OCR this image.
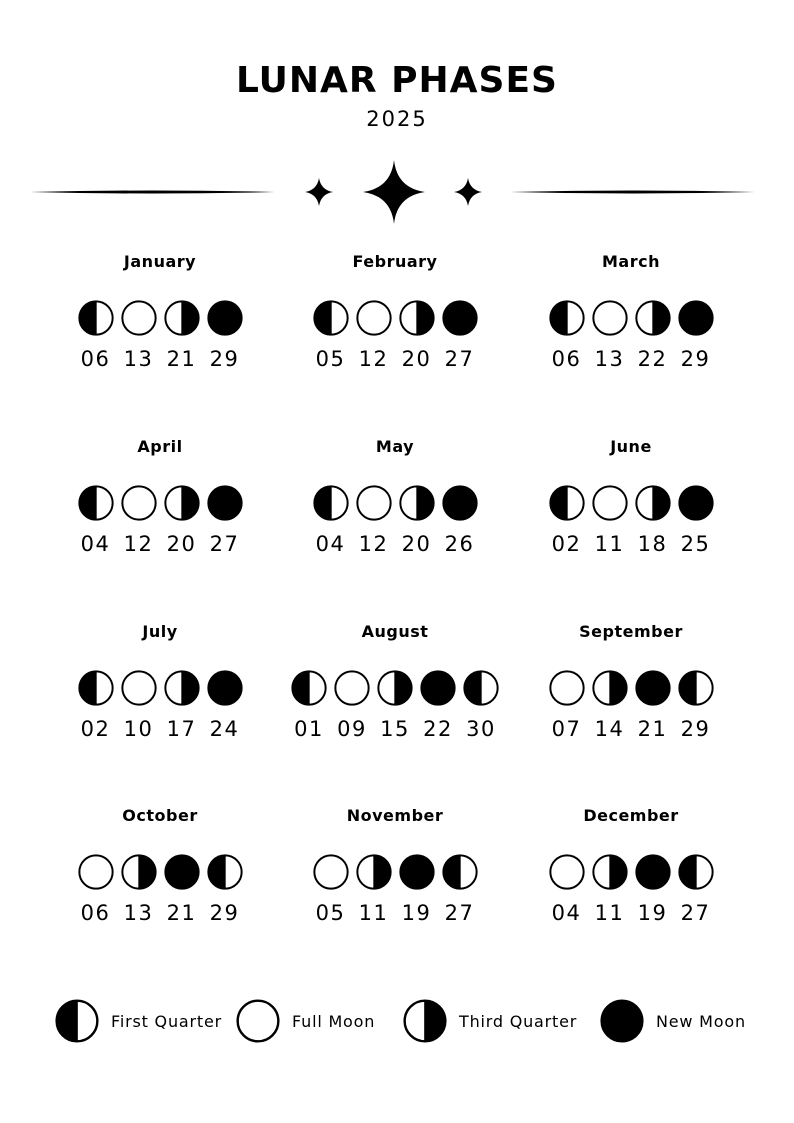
LUNAR PHASES
2025
January
06 13 21 29
February
05 12 20 27
March
06 13 22 29
April
04 12 20 27
May
04 12 20 26
June
02 11 18 25
July
02 10 17 24
August
01 09 15 22 30
September
07 14 21 29
October
06 13 21 29
November
05 11 19 27
December
04 11 19 27
First Quarter	Full Moon	Third Quarter	New Moon
